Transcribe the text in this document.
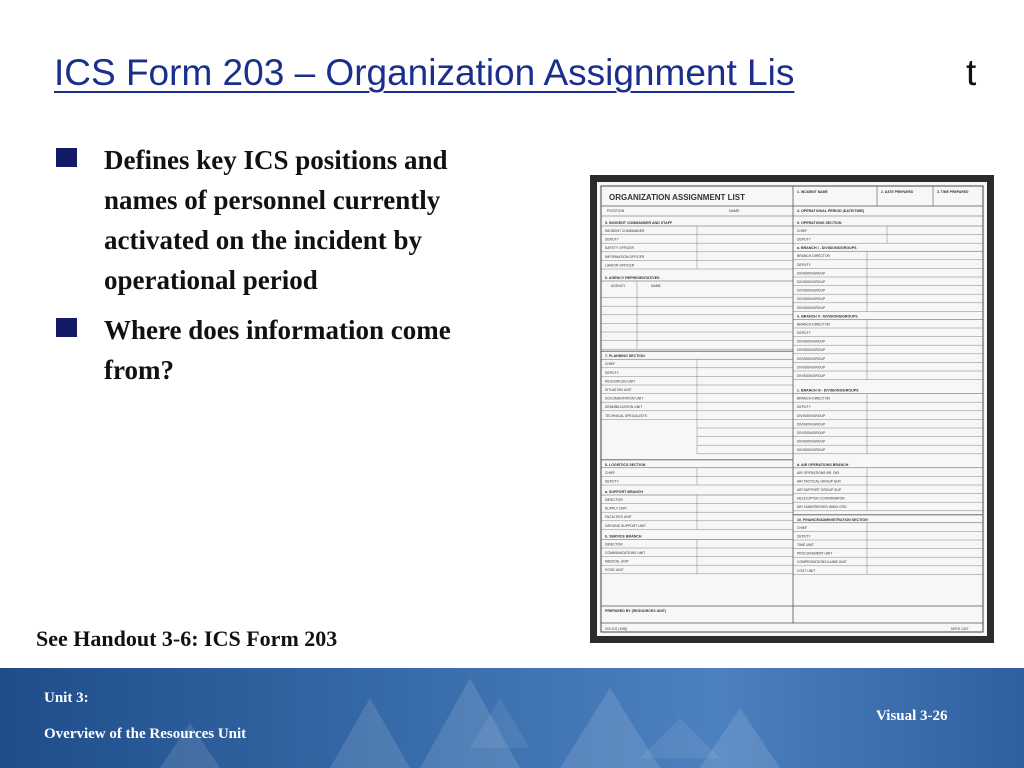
ICS Form 203 – Organization Assignment Lis	t
Defines key ICS positions and names of personnel currently activated on the incident by operational period
Where does information come from?
See Handout 3-6: ICS Form 203
ORGANIZATION ASSIGNMENT LIST
1. INCIDENT NAME	2. DATE PREPARED	3. TIME PREPARED
POSITION	NAME	4. OPERATIONAL PERIOD (DATE/TIME)
5. INCIDENT COMMANDER AND STAFF
INCIDENT COMMANDER
DEPUTY
SAFETY OFFICER
INFORMATION OFFICER
LIAISON OFFICER
6. AGENCY REPRESENTATIVES
AGENCY	NAME
7. PLANNING SECTION
CHIEF
DEPUTY
RESOURCES UNIT
SITUATION UNIT
DOCUMENTATION UNIT
DEMOBILIZATION UNIT
TECHNICAL SPECIALISTS
8. LOGISTICS SECTION
CHIEF
DEPUTY
a. SUPPORT BRANCH
DIRECTOR
SUPPLY UNIT
FACILITIES UNIT
GROUND SUPPORT UNIT
b. SERVICE BRANCH
DIRECTOR
COMMUNICATIONS UNIT
MEDICAL UNIT
FOOD UNIT
9. OPERATIONS SECTION
CHIEF
DEPUTY
a. BRANCH I - DIVISIONS/GROUPS
BRANCH DIRECTOR
DEPUTY
DIVISION/GROUP
DIVISION/GROUP
DIVISION/GROUP
DIVISION/GROUP
DIVISION/GROUP
b. BRANCH II - DIVISIONS/GROUPS
BRANCH DIRECTOR
DEPUTY
DIVISION/GROUP
DIVISION/GROUP
DIVISION/GROUP
DIVISION/GROUP
DIVISION/GROUP
c. BRANCH III - DIVISIONS/GROUPS
BRANCH DIRECTOR
DEPUTY
DIVISION/GROUP
DIVISION/GROUP
DIVISION/GROUP
DIVISION/GROUP
DIVISION/GROUP
d. AIR OPERATIONS BRANCH
AIR OPERATIONS BR. DIR.
AIR TACTICAL GROUP SUP.
AIR SUPPORT GROUP SUP.
HELICOPTER COORDINATOR
AIR TANKER/FIXED WING CRD.
10. FINANCE/ADMINISTRATION SECTION
CHIEF
DEPUTY
TIME UNIT
PROCUREMENT UNIT
COMPENSATION/CLAIMS UNIT
COST UNIT
PREPARED BY (RESOURCES UNIT)
203 ICS (1/98)	NFES 1327
Unit 3:
Overview of the Resources Unit
Visual 3-26
